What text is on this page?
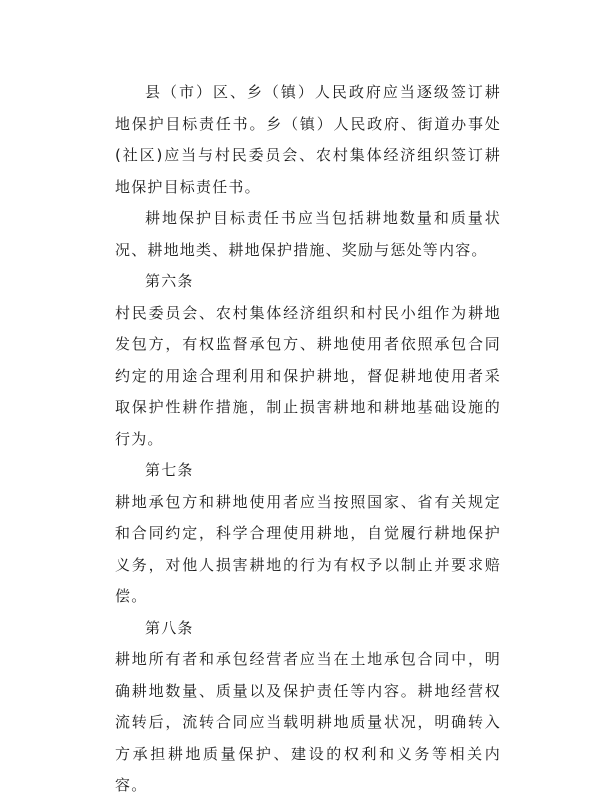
县（市）区、乡（镇）人民政府应当逐级签订耕地保护目标责任书。乡（镇）人民政府、街道办事处(社区)应当与村民委员会、农村集体经济组织签订耕地保护目标责任书。

耕地保护目标责任书应当包括耕地数量和质量状况、耕地地类、耕地保护措施、奖励与惩处等内容。

第六条

村民委员会、农村集体经济组织和村民小组作为耕地发包方，有权监督承包方、耕地使用者依照承包合同约定的用途合理利用和保护耕地，督促耕地使用者采取保护性耕作措施，制止损害耕地和耕地基础设施的行为。

第七条

耕地承包方和耕地使用者应当按照国家、省有关规定和合同约定，科学合理使用耕地，自觉履行耕地保护义务，对他人损害耕地的行为有权予以制止并要求赔偿。

第八条

耕地所有者和承包经营者应当在土地承包合同中，明确耕地数量、质量以及保护责任等内容。耕地经营权流转后，流转合同应当载明耕地质量状况，明确转入方承担耕地质量保护、建设的权利和义务等相关内容。
